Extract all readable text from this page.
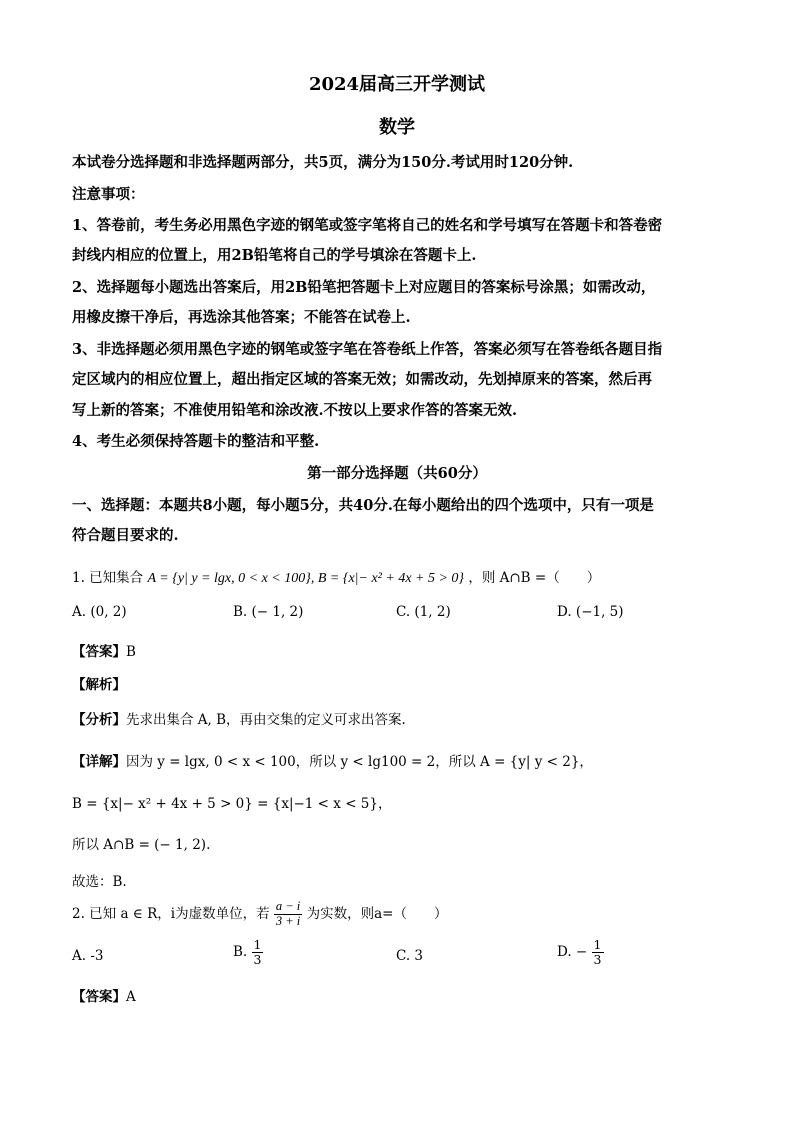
2024届高三开学测试
数学
本试卷分选择题和非选择题两部分，共5页，满分为150分.考试用时120分钟.
注意事项：
1、答卷前，考生务必用黑色字迹的钢笔或签字笔将自己的姓名和学号填写在答题卡和答卷密
封线内相应的位置上，用2B铅笔将自己的学号填涂在答题卡上.
2、选择题每小题选出答案后，用2B铅笔把答题卡上对应题目的答案标号涂黑；如需改动，
用橡皮擦干净后，再选涂其他答案；不能答在试卷上.
3、非选择题必须用黑色字迹的钢笔或签字笔在答卷纸上作答，答案必须写在答卷纸各题目指
定区域内的相应位置上，超出指定区域的答案无效；如需改动，先划掉原来的答案，然后再
写上新的答案；不准使用铅笔和涂改液.不按以上要求作答的答案无效.
4、考生必须保持答题卡的整洁和平整.
第一部分选择题（共60分）
一、选择题：本题共8小题，每小题5分，共40分.在每小题给出的四个选项中，只有一项是
符合题目要求的.
1. 已知集合 A = {y| y = lgx, 0 < x < 100}, B = {x|− x² + 4x + 5 > 0} ，则 A∩B =（　　）
A. (0, 2)	B. (− 1, 2)	C. (1, 2)	D. (−1, 5)
【答案】B
【解析】
【分析】先求出集合 A, B，再由交集的定义可求出答案.
【详解】因为 y = lgx, 0 < x < 100，所以 y < lg100 = 2，所以 A = {y| y < 2}，
B = {x|− x² + 4x + 5 > 0} = {x|−1 < x < 5}，
所以 A∩B = (− 1, 2).
故选：B.
2. 已知 a ∈ R，i为虚数单位，若 $\frac{a - i}{3 + i}$ 为实数，则a=（　　）
A. -3	B. $\frac{1}{3}$	C. 3	D. − $\frac{1}{3}$
【答案】A
